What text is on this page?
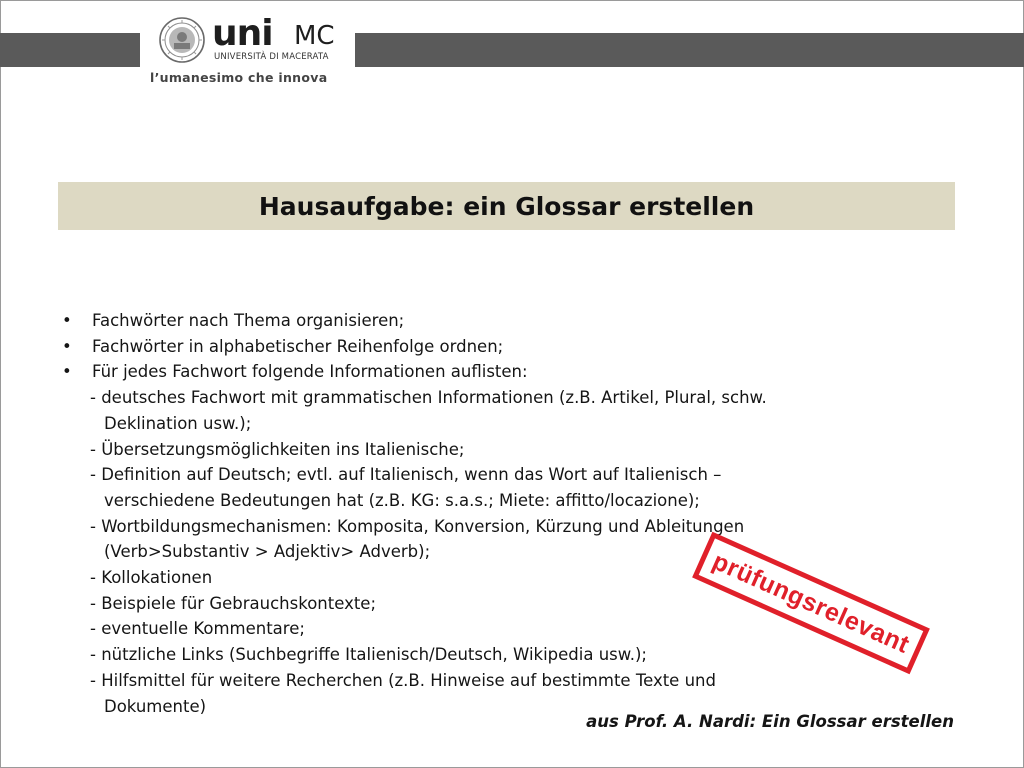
uni MC
UNIVERSITÀ DI MACERATA
l’umanesimo che innova
Hausaufgabe: ein Glossar erstellen
•	Fachwörter nach Thema organisieren;
•	Fachwörter in alphabetischer Reihenfolge ordnen;
•	Für jedes Fachwort folgende Informationen auflisten:
- deutsches Fachwort mit grammatischen Informationen (z.B. Artikel, Plural, schw.
Deklination usw.);
- Übersetzungsmöglichkeiten ins Italienische;
- Definition auf Deutsch; evtl. auf Italienisch, wenn das Wort auf Italienisch –
verschiedene Bedeutungen hat (z.B. KG: s.a.s.; Miete: affitto/locazione);
- Wortbildungsmechanismen: Komposita, Konversion, Kürzung und Ableitungen
(Verb>Substantiv > Adjektiv> Adverb);
- Kollokationen
- Beispiele für Gebrauchskontexte;
- eventuelle Kommentare;
- nützliche Links (Suchbegriffe Italienisch/Deutsch, Wikipedia usw.);
- Hilfsmittel für weitere Recherchen (z.B. Hinweise auf bestimmte Texte und
Dokumente)
prüfungsrelevant
aus Prof. A. Nardi: Ein Glossar erstellen
